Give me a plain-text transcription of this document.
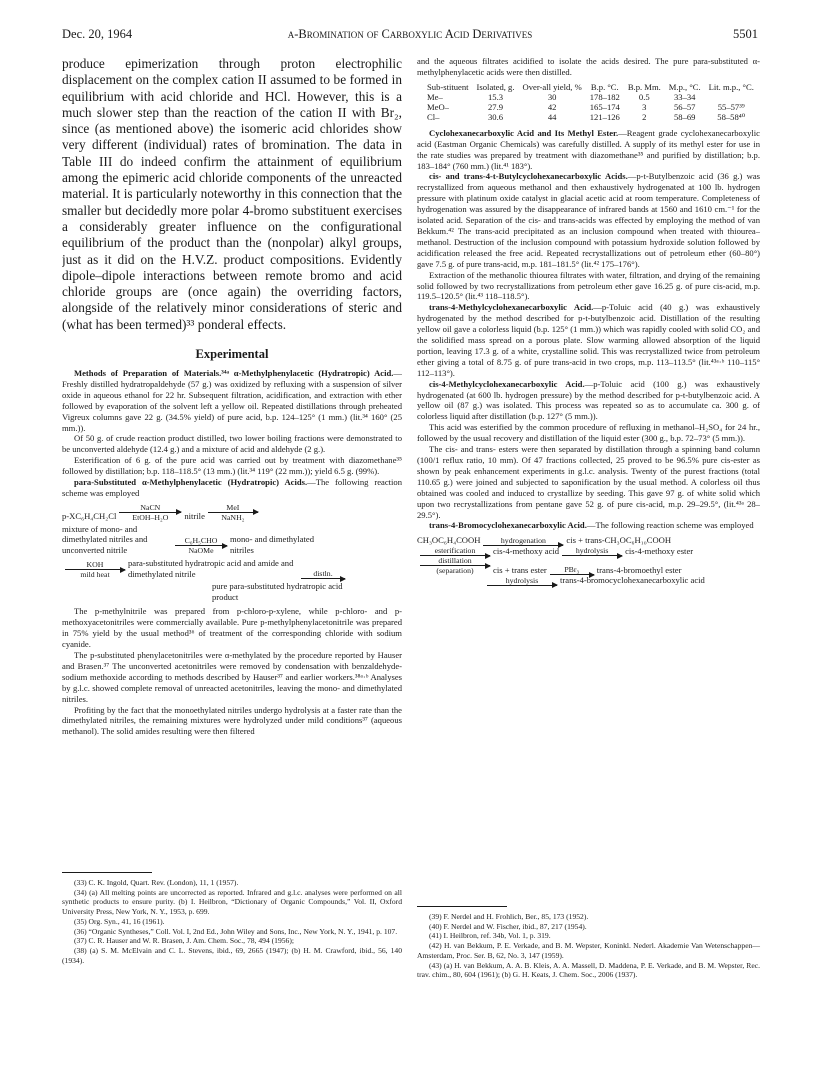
Dec. 20, 1964	α-Bromination of Carboxylic Acid Derivatives	5501

produce epimerization through proton electrophilic displacement on the complex cation II assumed to be formed in equilibrium with acid chloride and HCl. However, this is a much slower step than the reaction of the cation II with Br₂, since (as mentioned above) the isomeric acid chlorides show very different (individual) rates of bromination. The data in Table III do indeed confirm the attainment of equilibrium among the epimeric acid chloride components of the unreacted material. It is particularly noteworthy in this connection that the smaller but decidedly more polar 4-bromo substituent exercises a considerably greater influence on the configurational equilibrium of the product than the (nonpolar) alkyl groups, just as it did on the H.V.Z. product compositions. Evidently dipole–dipole interactions between remote bromo and acid chloride groups are (once again) the overriding factors, alongside of the relatively minor considerations of steric and (what has been termed)³³ ponderal effects.

Experimental

Methods of Preparation of Materials.³⁴ᵃ α-Methylphenylacetic (Hydratropic) Acid.—Freshly distilled hydratropaldehyde (57 g.) was oxidized by refluxing with a suspension of silver oxide in aqueous ethanol for 22 hr. Subsequent filtration, acidification, and extraction with ether followed by evaporation of the solvent left a yellow oil. Repeated distillations through preheated Vigreux columns gave 22 g. (34.5% yield) of pure acid, b.p. 124–125° (1 mm.) (lit.³⁴ 160° (25 mm.)).

Of 50 g. of crude reaction product distilled, two lower boiling fractions were demonstrated to be unconverted aldehyde (12.4 g.) and a mixture of acid and aldehyde (2 g.).

Esterification of 6 g. of the pure acid was carried out by treatment with diazomethane³⁵ followed by distillation; b.p. 118–118.5° (13 mm.) (lit.³⁴ 119° (22 mm.)); yield 6.5 g. (99%).

para-Substituted α-Methylphenylacetic (Hydratropic) Acids.—The following reaction scheme was employed

p-XC₆H₄CH₂Cl
NaCN
EtOH–H₂O	nitrile
MeI
NaNH₂
mixture of mono- and dimethylated nitriles and unconverted nitrile
C₆H₅CHO
NaOMe
mono- and dimethylated nitriles
KOH
mild heat
para-substituted hydratropic acid and amide and dimethylated nitrile	distln.
pure para-substituted hydratropic acid product

The p-methylnitrile was prepared from p-chloro-p-xylene, while p-chloro- and p-methoxyacetonitriles were commercially available. Pure p-methylphenylacetonitrile was prepared in 75% yield by the usual method³⁶ of treatment of the corresponding chloride with sodium cyanide.

The p-substituted phenylacetonitriles were α-methylated by the procedure reported by Hauser and Brasen.³⁷ The unconverted acetonitriles were removed by condensation with benzaldehyde-sodium methoxide according to methods described by Hauser³⁷ and earlier workers.³⁸ᵃ·ᵇ Analyses by g.l.c. showed complete removal of unreacted acetonitriles, leaving the mono- and dimethylated nitriles.

Profiting by the fact that the monoethylated nitriles undergo hydrolysis at a faster rate than the dimethylated nitriles, the remaining mixtures were hydrolyzed under mild conditions³⁷ (aqueous methanol). The solid amides resulting were then filtered

(33) C. K. Ingold, Quart. Rev. (London), 11, 1 (1957).

(34) (a) All melting points are uncorrected as reported. Infrared and g.l.c. analyses were performed on all synthetic products to ensure purity. (b) I. Heilbron, “Dictionary of Organic Compounds,” Vol. II, Oxford University Press, New York, N. Y., 1953, p. 699.

(35) Org. Syn., 41, 16 (1961).

(36) “Organic Syntheses,” Coll. Vol. I, 2nd Ed., John Wiley and Sons, Inc., New York, N. Y., 1941, p. 107.

(37) C. R. Hauser and W. R. Brasen, J. Am. Chem. Soc., 78, 494 (1956);

(38) (a) S. M. McElvain and C. L. Stevens, ibid., 69, 2665 (1947); (b) H. M. Crawford, ibid., 56, 140 (1934).

and the aqueous filtrates acidified to isolate the acids desired. The pure para-substituted α-methylphenylacetic acids were then distilled.

Sub-stituent	Isolated, g.	Over-all yield, %	B.p. °C.	B.p. Mm.	M.p., °C.	Lit. m.p., °C.
Me–	15.3	30	178–182	0.5	33–34	
MeO–	27.9	42	165–174	3	56–57	55–57³⁹
Cl–	30.6	44	121–126	2	58–69	58–58⁴⁰

Cyclohexanecarboxylic Acid and Its Methyl Ester.—Reagent grade cyclohexanecarboxylic acid (Eastman Organic Chemicals) was carefully distilled. A supply of its methyl ester for use in the rate studies was prepared by treatment with diazomethane³⁵ and purified by distillation; b.p. 183–184° (760 mm.) (lit.⁴¹ 183°).

cis- and trans-4-t-Butylcyclohexanecarboxylic Acids.—p-t-Butylbenzoic acid (36 g.) was recrystallized from aqueous methanol and then exhaustively hydrogenated at 100 lb. hydrogen pressure with platinum oxide catalyst in glacial acetic acid at room temperature. Completeness of hydrogenation was assured by the disappearance of infrared bands at 1560 and 1610 cm.⁻¹ for the isolated acid. Separation of the cis- and trans-acids was effected by employing the method of van Bekkum.⁴² The trans-acid precipitated as an inclusion compound when treated with thiourea–methanol. Destruction of the inclusion compound with potassium hydroxide solution followed by acidification released the free acid. Repeated recrystallizations out of petroleum ether (60–80°) gave 7.5 g. of pure trans-acid, m.p. 181–181.5° (lit.⁴² 175–176°).

Extraction of the methanolic thiourea filtrates with water, filtration, and drying of the remaining solid followed by two recrystallizations from petroleum ether gave 16.25 g. of pure cis-acid, m.p. 119.5–120.5° (lit.⁴³ 118–118.5°).

trans-4-Methylcyclohexanecarboxylic Acid.—p-Toluic acid (40 g.) was exhaustively hydrogenated by the method described for p-t-butylbenzoic acid. Distillation of the resulting yellow oil gave a colorless liquid (b.p. 125° (1 mm.)) which was rapidly cooled with solid CO₂ and the solidified mass spread on a porous plate. Slow warming allowed absorption of the liquid portion, leaving 17.3 g. of a white, crystalline solid. This was recrystallized twice from petroleum ether giving a total of 8.75 g. of pure trans-acid in two crops, m.p. 113–113.5° (lit.⁴³ᵃ·ᵇ 110–115° 112–113°).

cis-4-Methylcyclohexanecarboxylic Acid.—p-Toluic acid (100 g.) was exhaustively hydrogenated (at 600 lb. hydrogen pressure) by the method described for p-t-butylbenzoic acid. A yellow oil (87 g.) was isolated. This process was repeated so as to accumulate ca. 300 g. of colorless liquid after distillation (b.p. 127° (5 mm.)).

This acid was esterified by the common procedure of refluxing in methanol–H₂SO₄ for 24 hr., followed by the usual recovery and distillation of the liquid ester (300 g., b.p. 72–73° (5 mm.)).

The cis- and trans- esters were then separated by distillation through a spinning band column (100/1 reflux ratio, 10 mm). Of 47 fractions collected, 25 proved to be 96.5% pure cis-ester as shown by peak enhancement experiments in g.l.c. analysis. Twenty of the purest fractions (total 110.65 g.) were joined and subjected to saponification by the usual method. A colorless oil thus obtained was cooled and induced to crystallize by seeding. This gave 97 g. of white solid which upon two recrystallizations from pentane gave 52 g. of pure cis-acid, m.p. 29–29.5°, (lit.⁴³ᵃ 28–29.5°).

trans-4-Bromocyclohexanecarboxylic Acid.—The following reaction scheme was employed

CH₃OC₆H₄COOH	hydrogenation	cis + trans-CH₃OC₆H₁₀COOH
esterification	cis-4-methoxy acid	hydrolysis	cis-4-methoxy ester
distillation
(separation)	cis + trans ester	PBr₃	trans-4-bromoethyl ester
hydrolysis	trans-4-bromocyclohexanecarboxylic acid

(39) F. Nerdel and H. Frohlich, Ber., 85, 173 (1952).

(40) F. Nerdel and W. Fischer, ibid., 87, 217 (1954).

(41) I. Heilbron, ref. 34b, Vol. 1, p. 319.

(42) H. van Bekkum, P. E. Verkade, and B. M. Wepster, Koninkl. Nederl. Akademie Van Wetenschappen—Amsterdam, Proc. Ser. B, 62, No. 3, 147 (1959).

(43) (a) H. van Bekkum, A. A. B. Kleis, A. A. Massell, D. Maddena, P. E. Verkade, and B. M. Wepster, Rec. trav. chim., 80, 604 (1961); (b) G. H. Keats, J. Chem. Soc., 2006 (1937).
